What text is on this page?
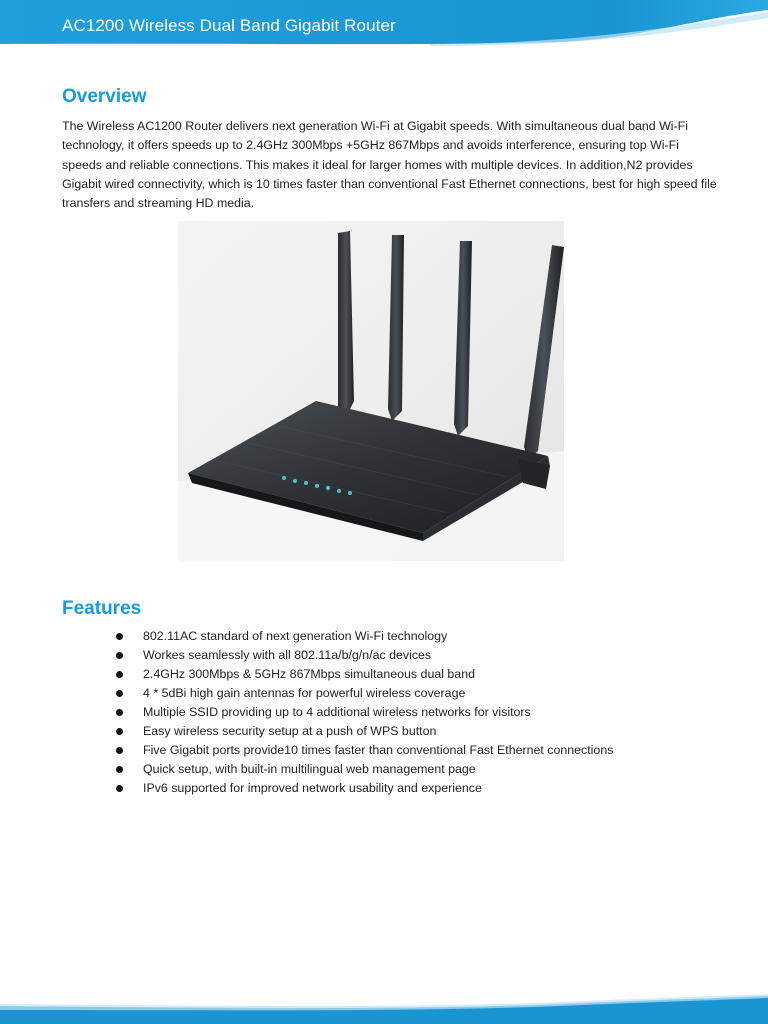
AC1200 Wireless Dual Band Gigabit Router
Overview

The Wireless AC1200 Router delivers next generation Wi-Fi at Gigabit speeds. With simultaneous dual band Wi-Fi technology, it offers speeds up to 2.4GHz 300Mbps +5GHz 867Mbps and avoids interference, ensuring top Wi-Fi speeds and reliable connections. This makes it ideal for larger homes with multiple devices. In addition,N2 provides Gigabit wired connectivity, which is 10 times faster than conventional Fast Ethernet connections, best for high speed file transfers and streaming HD media.

Features
802.11AC standard of next generation Wi-Fi technology
Workes seamlessly with all 802.11a/b/g/n/ac devices
2.4GHz 300Mbps & 5GHz 867Mbps simultaneous dual band
4 * 5dBi high gain antennas for powerful wireless coverage
Multiple SSID providing up to 4 additional wireless networks for visitors
Easy wireless security setup at a push of WPS button
Five Gigabit ports provide10 times faster than conventional Fast Ethernet connections
Quick setup, with built-in multilingual web management page
IPv6 supported for improved network usability and experience
